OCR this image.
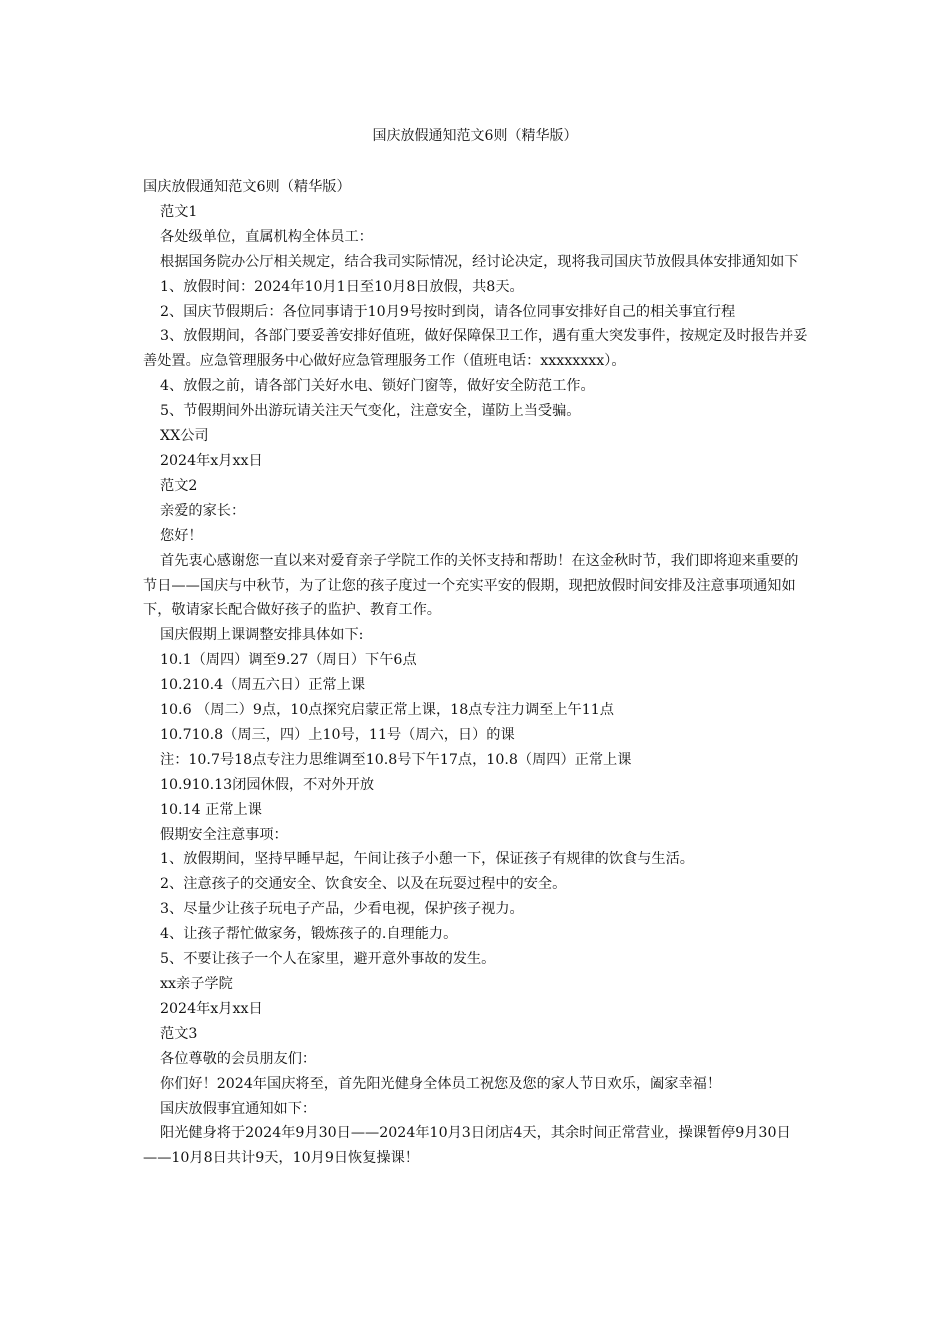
国庆放假通知范文6则（精华版）

国庆放假通知范文6则（精华版）

范文1

各处级单位，直属机构全体员工：

根据国务院办公厅相关规定，结合我司实际情况，经讨论决定，现将我司国庆节放假具体安排通知如下

1、放假时间：2024年10月1日至10月8日放假，共8天。

2、国庆节假期后：各位同事请于10月9号按时到岗，请各位同事安排好自己的相关事宜行程

3、放假期间，各部门要妥善安排好值班，做好保障保卫工作，遇有重大突发事件，按规定及时报告并妥善处置。应急管理服务中心做好应急管理服务工作（值班电话：xxxxxxxx）。

4、放假之前，请各部门关好水电、锁好门窗等，做好安全防范工作。

5、节假期间外出游玩请关注天气变化，注意安全，谨防上当受骗。

XX公司

2024年x月xx日

范文2

亲爱的家长：

您好！

首先衷心感谢您一直以来对爱育亲子学院工作的关怀支持和帮助！在这金秋时节，我们即将迎来重要的节日——国庆与中秋节，为了让您的孩子度过一个充实平安的假期，现把放假时间安排及注意事项通知如下，敬请家长配合做好孩子的监护、教育工作。

国庆假期上课调整安排具体如下:

10.1（周四）调至9.27（周日）下午6点

10.210.4（周五六日）正常上课

10.6 （周二）9点，10点探究启蒙正常上课，18点专注力调至上午11点

10.710.8（周三，四）上10号，11号（周六，日）的课

注：10.7号18点专注力思维调至10.8号下午17点，10.8（周四）正常上课

10.910.13闭园休假，不对外开放

10.14 正常上课

假期安全注意事项：

1、放假期间，坚持早睡早起，午间让孩子小憩一下，保证孩子有规律的饮食与生活。

2、注意孩子的交通安全、饮食安全、以及在玩耍过程中的安全。

3、尽量少让孩子玩电子产品，少看电视，保护孩子视力。

4、让孩子帮忙做家务，锻炼孩子的.自理能力。

5、不要让孩子一个人在家里，避开意外事故的发生。

xx亲子学院

2024年x月xx日

范文3

各位尊敬的会员朋友们：

你们好！2024年国庆将至，首先阳光健身全体员工祝您及您的家人节日欢乐，阖家幸福！

国庆放假事宜通知如下：

阳光健身将于2024年9月30日——2024年10月3日闭店4天，其余时间正常营业，操课暂停9月30日——10月8日共计9天，10月9日恢复操课！
